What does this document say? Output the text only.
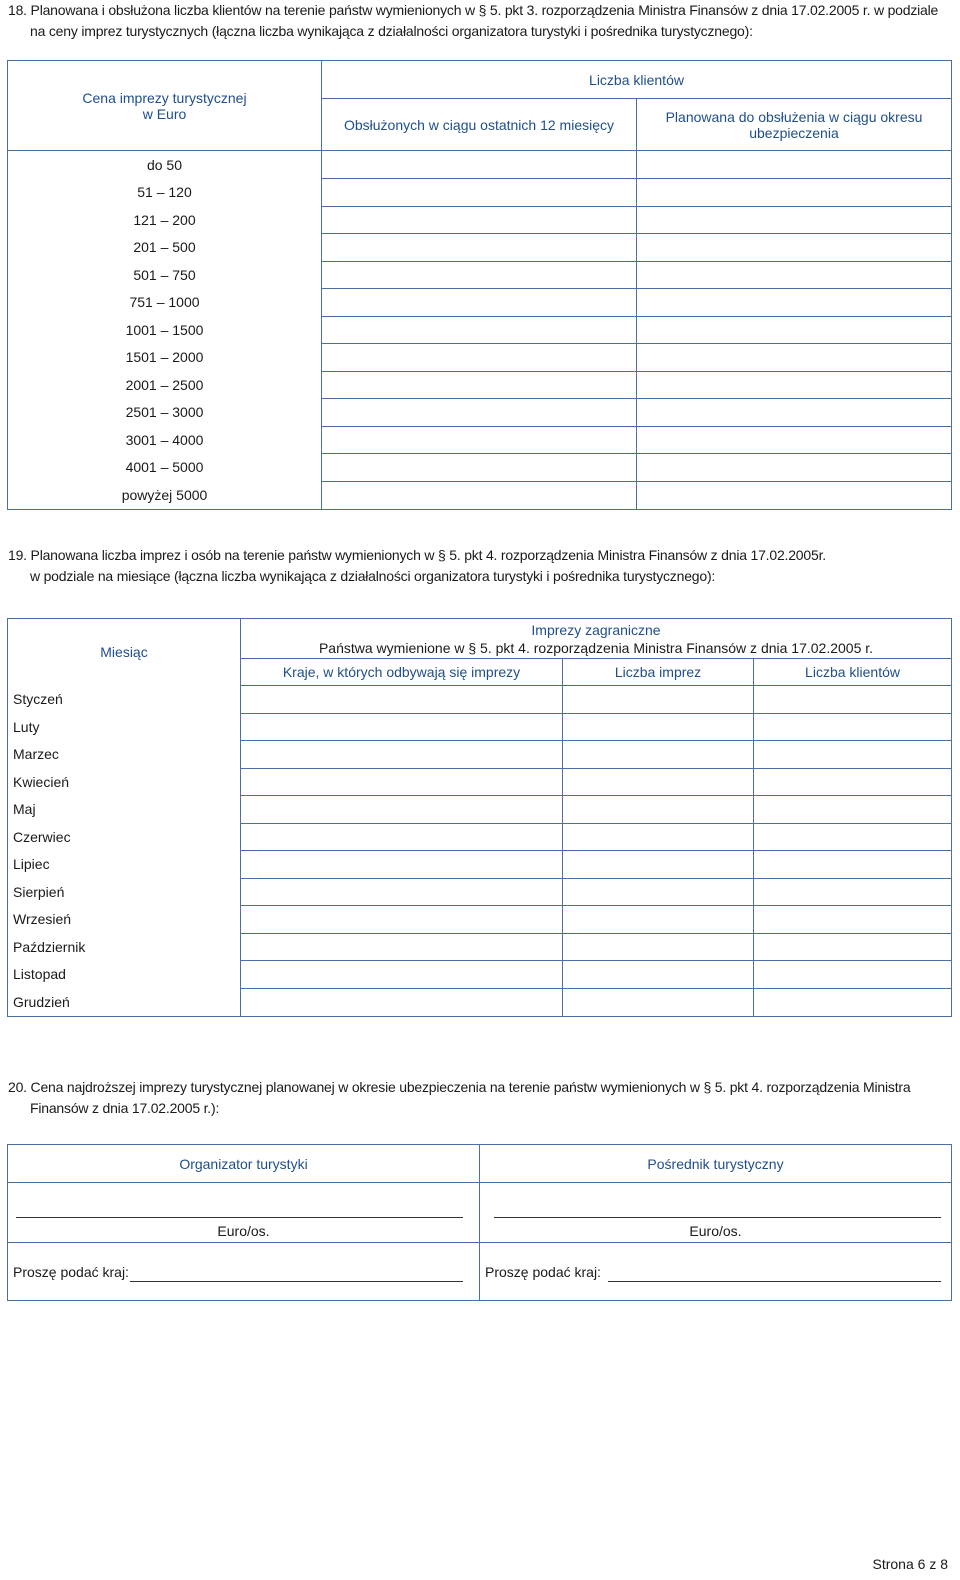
18. Planowana i obsłużona liczba klientów na terenie państw wymienionych w § 5. pkt 3. rozporządzenia Ministra Finansów z dnia 17.02.2005 r. w podziale
na ceny imprez turystycznych (łączna liczba wynikająca z działalności organizatora turystyki i pośrednika turystycznego):
Cena imprezy turystycznej
w Euro	Liczba klientów	
	Obsłużonych w ciągu ostatnich 12 miesięcy	Planowana do obsłużenia w ciągu okresu ubezpieczenia
do 50		
51 – 120		
121 – 200		
201 – 500		
501 – 750		
751 – 1000		
1001 – 1500		
1501 – 2000		
2001 – 2500		
2501 – 3000		
3001 – 4000		
4001 – 5000		
powyżej 5000		
19. Planowana liczba imprez i osób na terenie państw wymienionych w § 5. pkt 4. rozporządzenia Ministra Finansów z dnia 17.02.2005r.
w podziale na miesiące (łączna liczba wynikająca z działalności organizatora turystyki i pośrednika turystycznego):
Miesiąc	Imprezy zagraniczne
Państwa wymienione w § 5. pkt 4. rozporządzenia Ministra Finansów z dnia 17.02.2005 r.		

	Kraje, w których odbywają się imprezy	Liczba imprez	Liczba klientów
Styczeń			
Luty			
Marzec			
Kwiecień			
Maj			
Czerwiec			
Lipiec			
Sierpień			
Wrzesień			
Październik			
Listopad			
Grudzień			
20. Cena najdroższej imprezy turystycznej planowanej w okresie ubezpieczenia na terenie państw wymienionych w § 5. pkt 4. rozporządzenia Ministra
Finansów z dnia 17.02.2005 r.):
Organizator turystyki	Pośrednik turystyczny

Euro/os.	Euro/os.

Proszę podać kraj:	Proszę podać kraj:
Strona 6 z 8
